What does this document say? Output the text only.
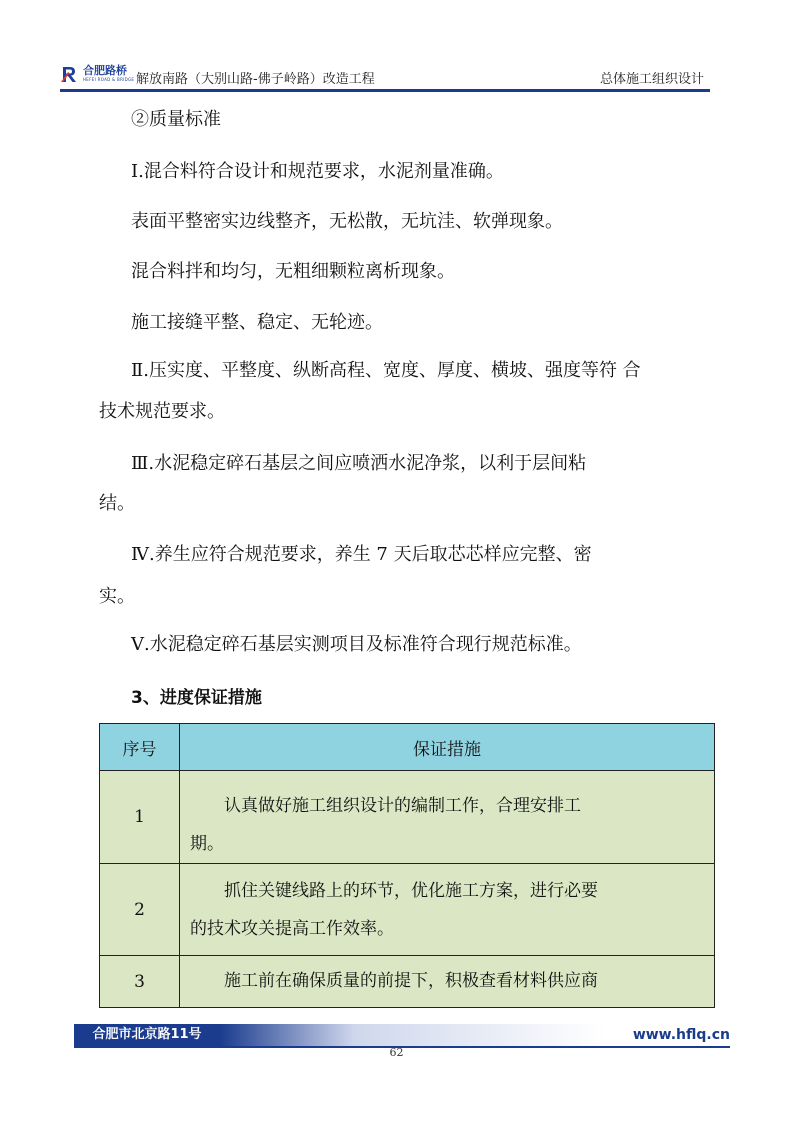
合肥路桥
HEFEI ROAD & BRIDGE 解放南路（大别山路-佛子岭路）改造工程	总体施工组织设计
②质量标准
Ⅰ.混合料符合设计和规范要求，水泥剂量准确。
表面平整密实边线整齐，无松散，无坑洼、软弹现象。
混合料拌和均匀，无粗细颗粒离析现象。
施工接缝平整、稳定、无轮迹。
Ⅱ.压实度、平整度、纵断高程、宽度、厚度、横坡、强度等符 合
技术规范要求。
Ⅲ.水泥稳定碎石基层之间应喷洒水泥净浆，以利于层间粘
结。
Ⅳ.养生应符合规范要求，养生 7 天后取芯芯样应完整、密
实。
Ⅴ.水泥稳定碎石基层实测项目及标准符合现行规范标准。
3、进度保证措施
序号	保证措施
1	认真做好施工组织设计的编制工作，合理安排工
期。

2	抓住关键线路上的环节，优化施工方案，进行必要
的技术攻关提高工作效率。

3	施工前在确保质量的前提下，积极查看材料供应商
合肥市北京路11号	www.hflq.cn
62
